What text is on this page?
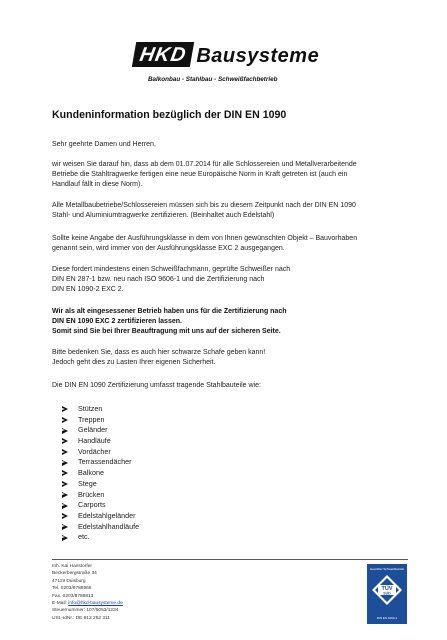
HKD Bausysteme
Balkonbau - Stahlbau - Schweißfachbetrieb
Kundeninformation bezüglich der DIN EN 1090
Sehr geehrte Damen und Herren,
wir weisen Sie darauf hin, dass ab dem 01.07.2014 für alle Schlossereien und Metallverarbeitende
Betriebe die Stahltragwerke fertigen eine neue Europäische Norm in Kraft getreten ist (auch ein
Handlauf fällt in diese Norm).
Alle Metallbaubetriebe/Schlossereien müssen sich bis zu diesem Zeitpunkt nach der DIN EN 1090
Stahl- und Aluminiumtragwerke zertifizieren. (Beinhaltet auch Edelstahl)
Sollte keine Angabe der Ausführungsklasse in dem von Ihnen gewünschten Objekt – Bauvorhaben
genannt sein, wird immer von der Ausführungsklasse EXC 2 ausgegangen.
Diese fordert mindestens einen Schweißfachmann, geprüfte Schweißer nach
DIN EN 287-1 bzw. neu nach ISO 9606-1 und die Zertifizierung nach
DIN EN 1090-2 EXC 2.
Wir als alt eingesessener Betrieb haben uns für die Zertifizierung nach
DIN EN 1090 EXC 2 zertifizieren lassen.
Somit sind Sie bei Ihrer Beauftragung mit uns auf der sicheren Seite.
Bitte bedenken Sie, dass es auch hier schwarze Schafe geben kann!
Jedoch geht dies zu Lasten Ihrer eigenen Sicherheit.
Die DIN EN 1090 Zertifizierung umfasst tragende Stahlbauteile wie:
Stützen
Treppen
Geländer
Handläufe
Vordächer
Terrassendächer
Balkone
Stege
Brücken
Carports
Edelstahlgeländer
Edelstahlhandläufe
etc.
Inh. Kai Hanstorfer
Beckerbergstraße 34
47119 Duisburg
Tel. 0203/8788966
Fax. 0203/8788813
E-Mail: info@hkd-bausysteme.de
Steuernummer: 107/5053/1234
USt.-IdNr.: DE 813 252 311
Geprüfter Schweißbetrieb
TÜV
SÜD
DIN EN 1090-1
